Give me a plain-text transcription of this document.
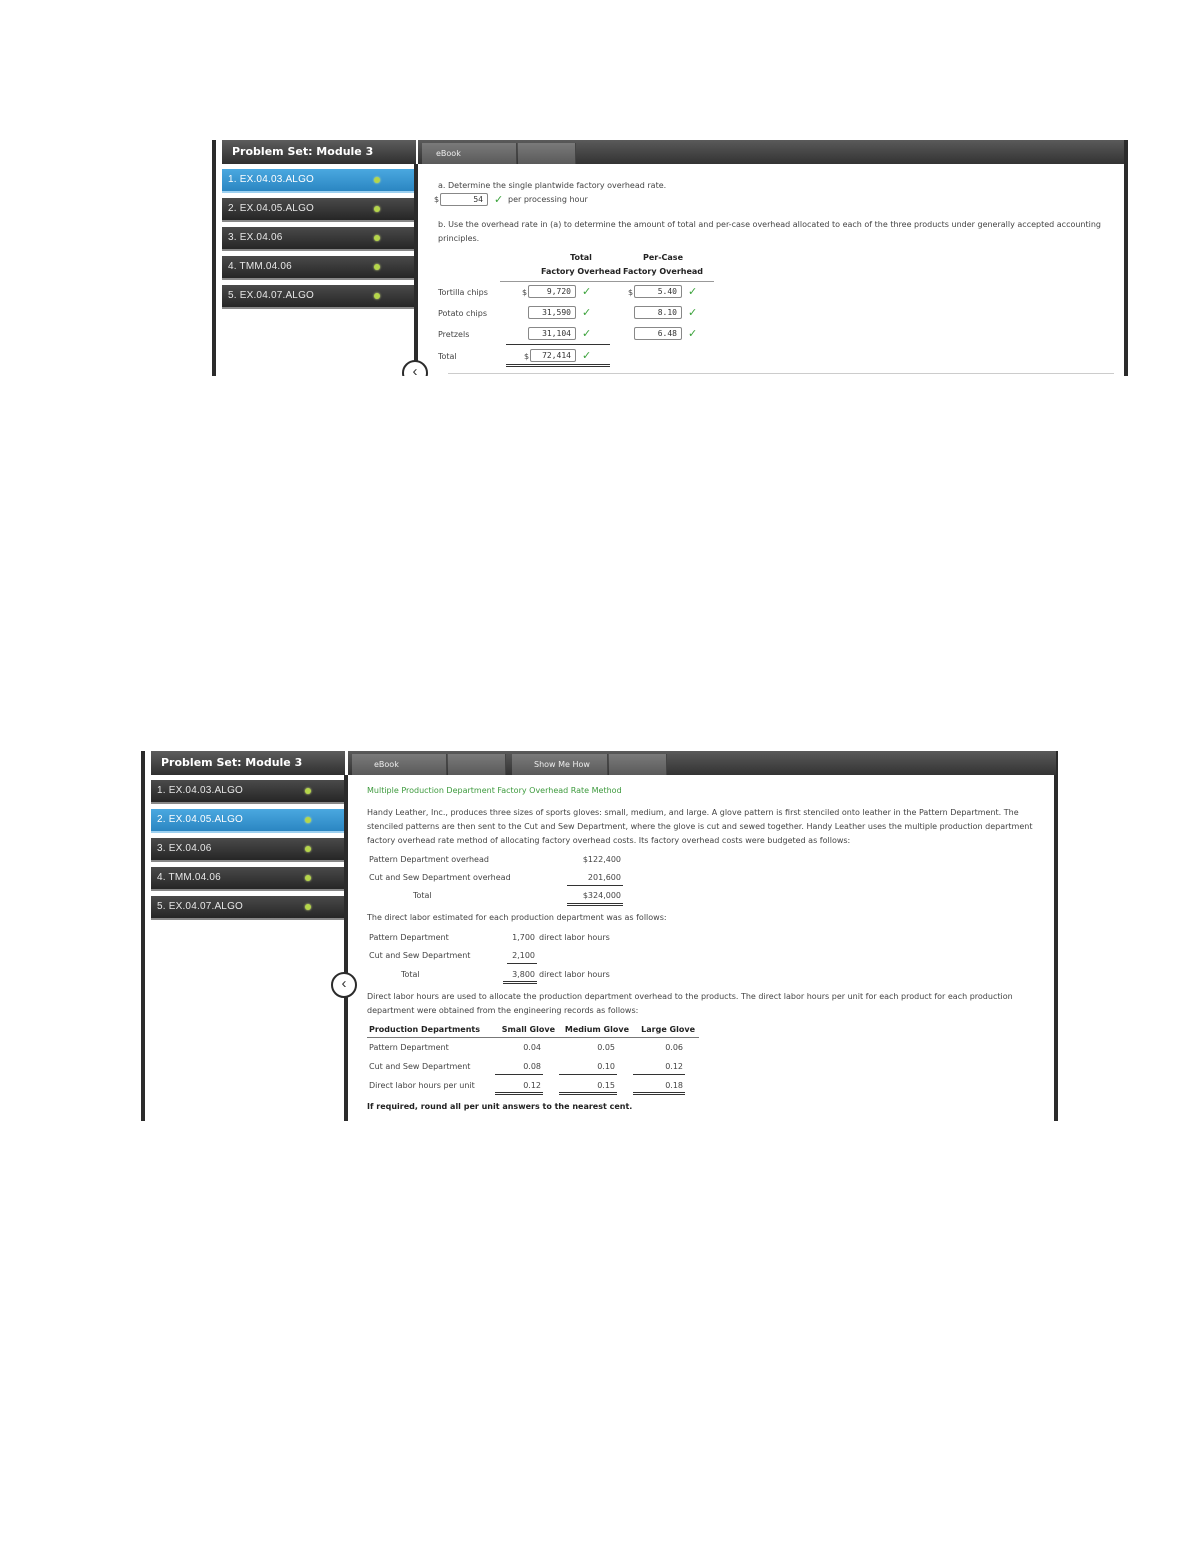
Problem Set: Module 3
1. EX.04.03.ALGO
2. EX.04.05.ALGO
3. EX.04.06
4. TMM.04.06
5. EX.04.07.ALGO
‹
eBook
a. Determine the single plantwide factory overhead rate.
$	54	✓ per processing hour
b. Use the overhead rate in (a) to determine the amount of total and per-case overhead allocated to each of the three products under generally accepted accounting
principles.
Total
Factory Overhead
Per-Case
Factory Overhead
Tortilla chips	$	9,720	✓	$	5.40	✓
Potato chips	31,590	✓	8.10	✓
Pretzels	31,104	✓	6.48	✓
Total	$	72,414	✓
Problem Set: Module 3
1. EX.04.03.ALGO
2. EX.04.05.ALGO
3. EX.04.06
4. TMM.04.06
5. EX.04.07.ALGO
‹
eBook	Show Me How
Multiple Production Department Factory Overhead Rate Method
Handy Leather, Inc., produces three sizes of sports gloves: small, medium, and large. A glove pattern is first stenciled onto leather in the Pattern Department. The
stenciled patterns are then sent to the Cut and Sew Department, where the glove is cut and sewed together. Handy Leather uses the multiple production department
factory overhead rate method of allocating factory overhead costs. Its factory overhead costs were budgeted as follows:
Pattern Department overhead	$122,400
Cut and Sew Department overhead	201,600
Total	$324,000
The direct labor estimated for each production department was as follows:
Pattern Department	1,700 direct labor hours
Cut and Sew Department	2,100
Total	3,800 direct labor hours
Direct labor hours are used to allocate the production department overhead to the products. The direct labor hours per unit for each product for each production
department were obtained from the engineering records as follows:
Production Departments	Small Glove	Medium Glove	Large Glove
Pattern Department	0.04	0.05	0.06
Cut and Sew Department	0.08	0.10	0.12
Direct labor hours per unit	0.12	0.15	0.18
If required, round all per unit answers to the nearest cent.
